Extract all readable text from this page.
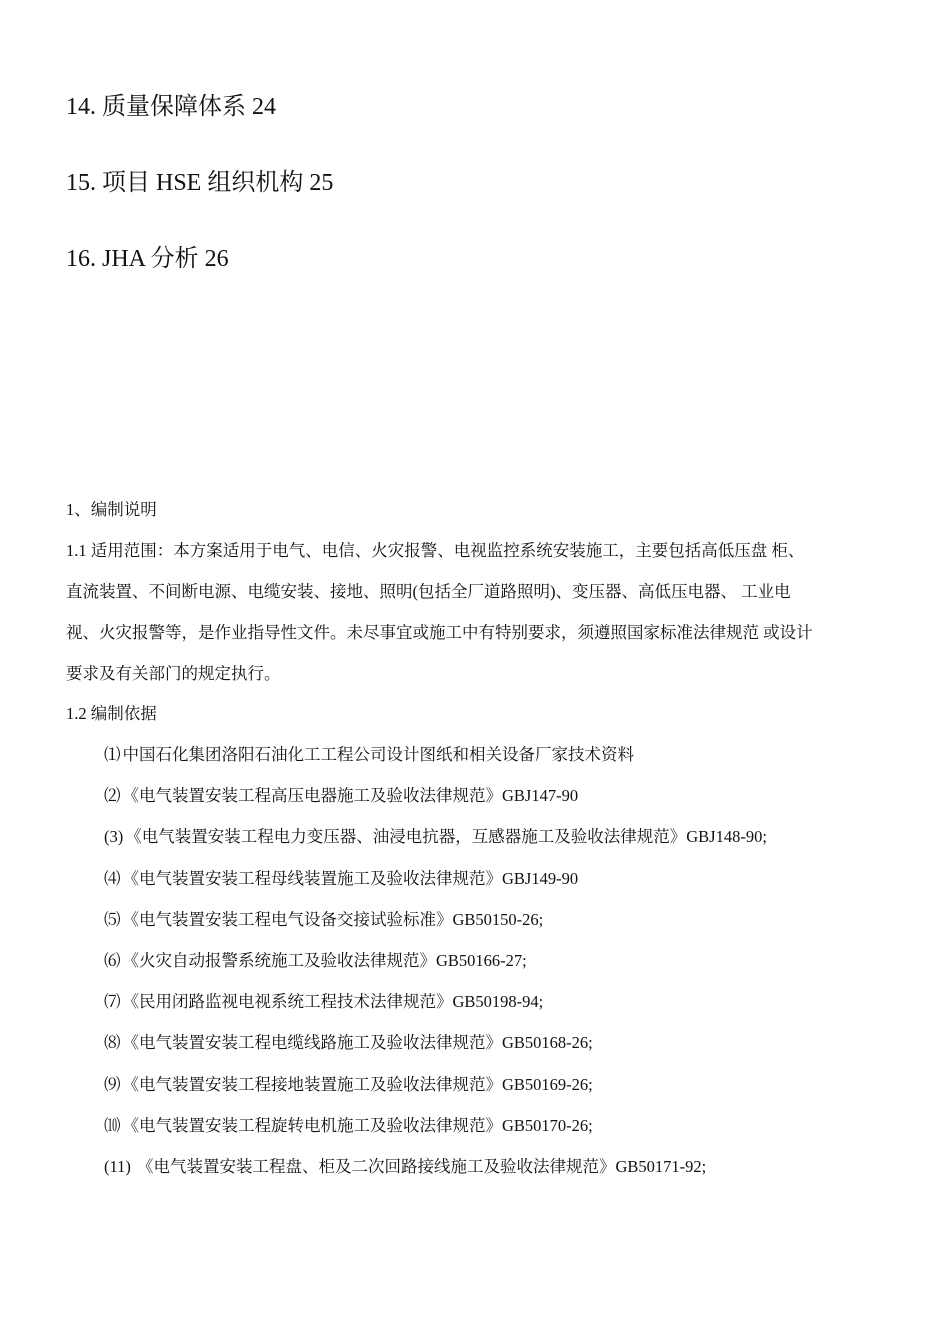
14. 质量保障体系 24
15. 项目 HSE 组织机构 25
16. JHA 分析 26
1、编制说明
1.1 适用范围：本方案适用于电气、电信、火灾报警、电视监控系统安装施工，主要包括高低压盘 柜、
直流装置、不间断电源、电缆安装、接地、照明(包括全厂道路照明)、变压器、高低压电器、 工业电
视、火灾报警等，是作业指导性文件。未尽事宜或施工中有特别要求，须遵照国家标准法律规范 或设计
要求及有关部门的规定执行。
1.2 编制依据
⑴ 中国石化集团洛阳石油化工工程公司设计图纸和相关设备厂家技术资料
⑵ 《电气装置安装工程高压电器施工及验收法律规范》GBJ147-90
(3) 《电气装置安装工程电力变压器、油浸电抗器，互感器施工及验收法律规范》GBJ148-90;
⑷ 《电气装置安装工程母线装置施工及验收法律规范》GBJ149-90
⑸ 《电气装置安装工程电气设备交接试验标准》GB50150-26;
⑹ 《火灾自动报警系统施工及验收法律规范》GB50166-27;
⑺ 《民用闭路监视电视系统工程技术法律规范》GB50198-94;
⑻ 《电气装置安装工程电缆线路施工及验收法律规范》GB50168-26;
⑼ 《电气装置安装工程接地装置施工及验收法律规范》GB50169-26;
⑽ 《电气装置安装工程旋转电机施工及验收法律规范》GB50170-26;
(11) 《电气装置安装工程盘、柜及二次回路接线施工及验收法律规范》GB50171-92;
